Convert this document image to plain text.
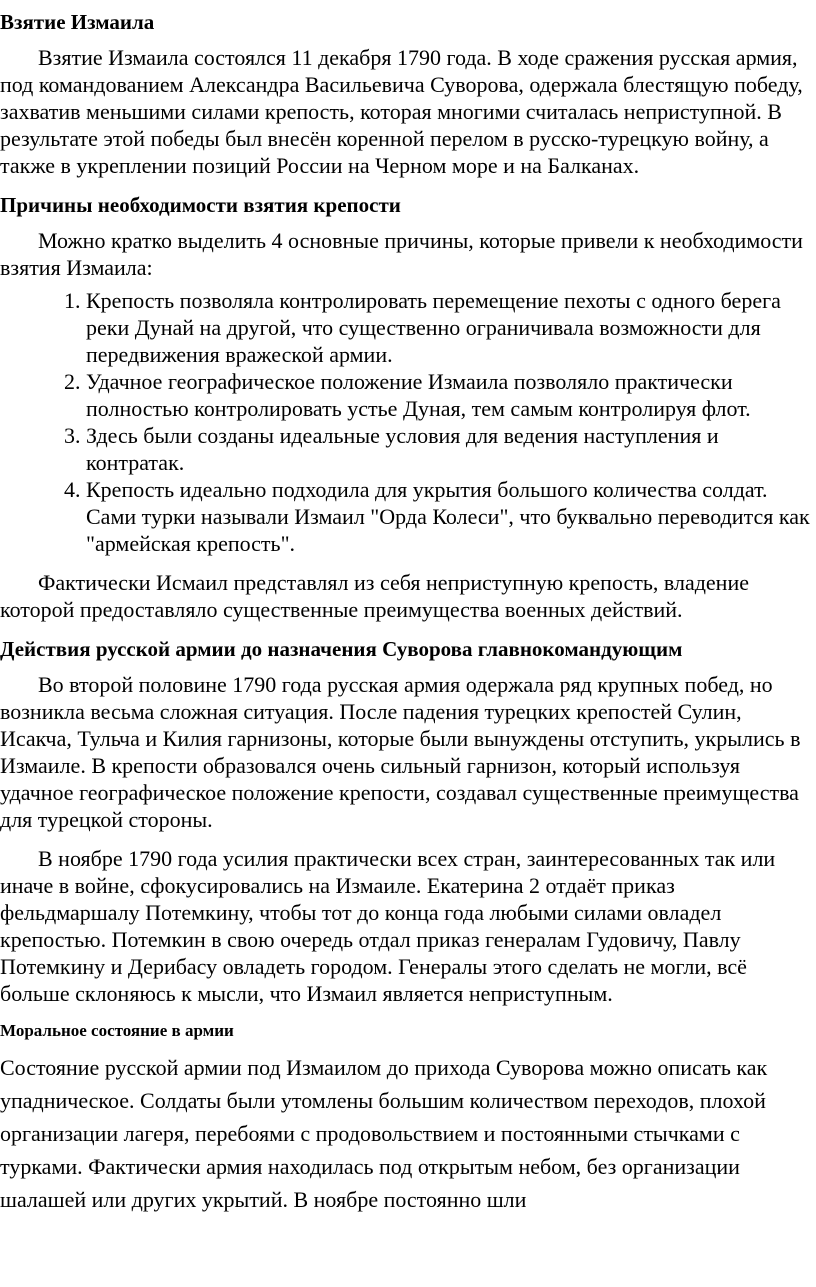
Взятие Измаила

Взятие Измаила состоялся 11 декабря 1790 года. В ходе сражения русская армия, под командованием Александра Васильевича Суворова, одержала блестящую победу, захватив меньшими силами крепость, которая многими считалась неприступной. В результате этой победы был внесён коренной перелом в русско-турецкую войну, а также в укреплении позиций России на Черном море и на Балканах.

Причины необходимости взятия крепости

Можно кратко выделить 4 основные причины, которые привели к необходимости взятия Измаила:

1. Крепость позволяла контролировать перемещение пехоты с одного берега реки Дунай на другой, что существенно ограничивала возможности для передвижения вражеской армии.
2. Удачное географическое положение Измаила позволяло практически полностью контролировать устье Дуная, тем самым контролируя флот.
3. Здесь были созданы идеальные условия для ведения наступления и контратак.
4. Крепость идеально подходила для укрытия большого количества солдат. Сами турки называли Измаил "Орда Колеси", что буквально переводится как "армейская крепость".

Фактически Исмаил представлял из себя неприступную крепость, владение которой предоставляло существенные преимущества военных действий.

Действия русской армии до назначения Суворова главнокомандующим

Во второй половине 1790 года русская армия одержала ряд крупных побед, но возникла весьма сложная ситуация. После падения турецких крепостей Сулин, Исакча, Тульча и Килия гарнизоны, которые были вынуждены отступить, укрылись в Измаиле. В крепости образовался очень сильный гарнизон, который используя удачное географическое положение крепости, создавал существенные преимущества для турецкой стороны.

В ноябре 1790 года усилия практически всех стран, заинтересованных так или иначе в войне, сфокусировались на Измаиле. Екатерина 2 отдаёт приказ фельдмаршалу Потемкину, чтобы тот до конца года любыми силами овладел крепостью. Потемкин в свою очередь отдал приказ генералам Гудовичу, Павлу Потемкину и Дерибасу овладеть городом. Генералы этого сделать не могли, всё больше склоняюсь к мысли, что Измаил является неприступным.

Моральное состояние в армии

Состояние русской армии под Измаилом до прихода Суворова можно описать как упадническое. Солдаты были утомлены большим количеством переходов, плохой организации лагеря, перебоями с продовольствием и постоянными стычками с турками. Фактически армия находилась под открытым небом, без организации шалашей или других укрытий. В ноябре постоянно шли
